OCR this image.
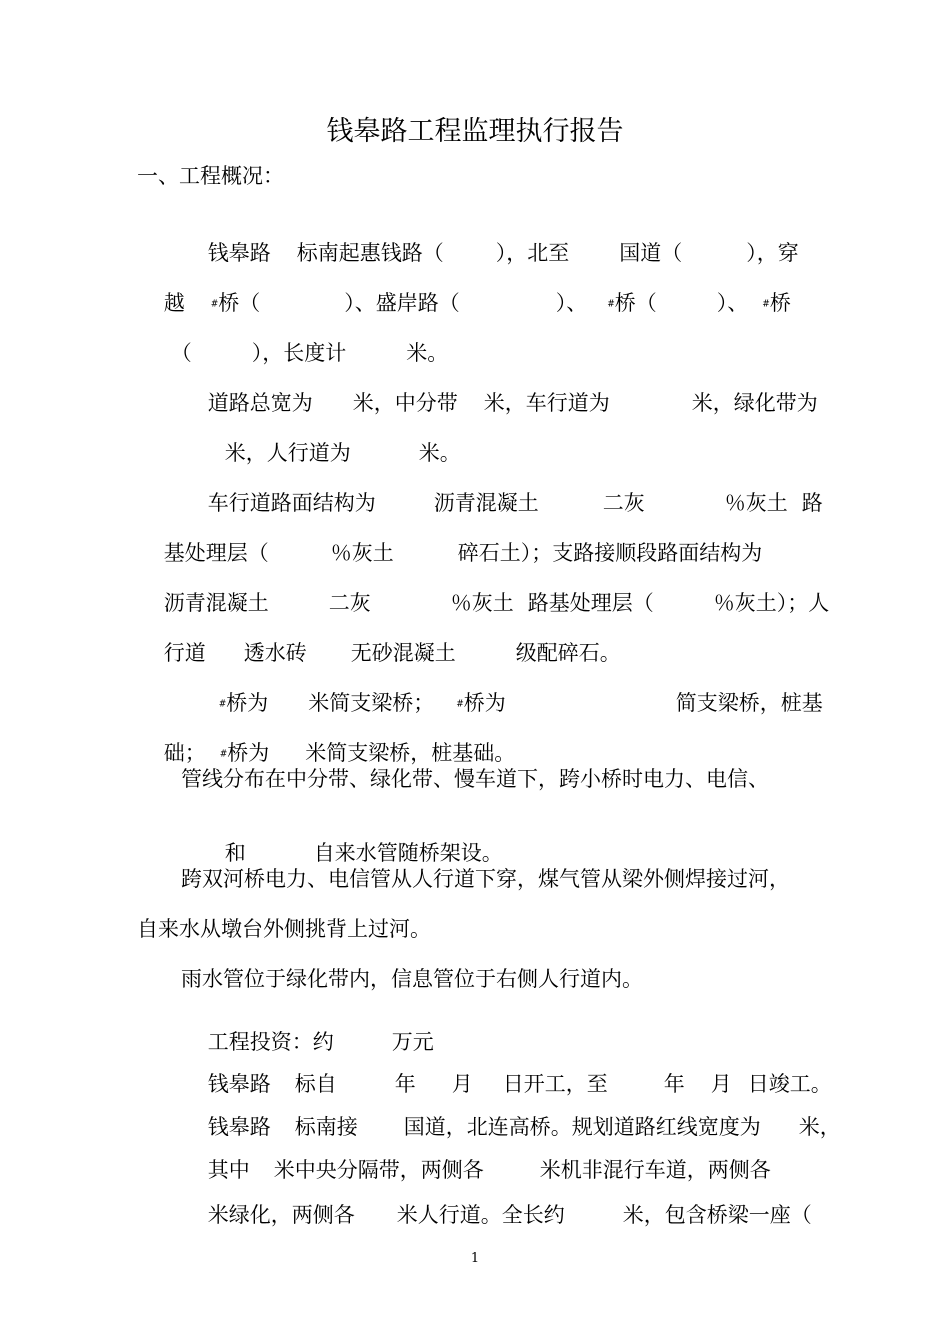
钱皋路工程监理执行报告
一、工程概况：

钱皋路 标南起惠钱路（ ），北至 国道（	），穿

越	#桥（	）、盛岸路（	）、 #桥（	）、 #桥

（	），长度计	米。

道路总宽为 米，中分带 米，车行道为	米，绿化带为

米，人行道为	米。

车行道路面结构为	沥青混凝土	二灰	％灰土 路

基处理层（	％灰土	碎石土）；支路接顺段路面结构为

沥青混凝土	二灰	％灰土 路基处理层（	％灰土）；人

行道 透水砖 无砂混凝土	级配碎石。

#桥为 米简支梁桥； #桥为	简支梁桥，桩基

础； #桥为 米简支梁桥，桩基础。

管线分布在中分带、绿化带、慢车道下，跨小桥时电力、电信、

和	自来水管随桥架设。

跨双河桥电力、电信管从人行道下穿，煤气管从梁外侧焊接过河，
自来水从墩台外侧挑背上过河。
雨水管位于绿化带内，信息管位于右侧人行道内。

工程投资：约	万元

钱皋路 标自	年 月 日开工，至	年 月 日竣工。

钱皋路 标南接 国道，北连高桥。规划道路红线宽度为 米，

其中 米中央分隔带，两侧各	米机非混行车道，两侧各

米绿化，两侧各 米人行道。全长约	米，包含桥梁一座（

1
